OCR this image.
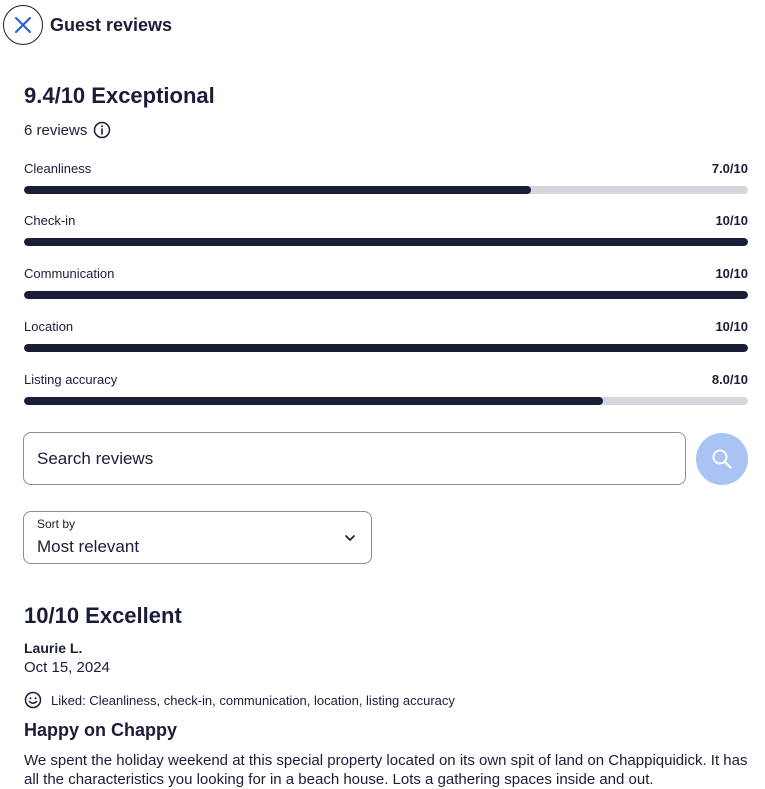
Guest reviews
9.4/10 Exceptional
6 reviews
Cleanliness	7.0/10
Check-in	10/10
Communication	10/10
Location	10/10
Listing accuracy	8.0/10
Search reviews
Sort by
Most relevant
10/10 Excellent
Laurie L.
Oct 15, 2024
Liked: Cleanliness, check-in, communication, location, listing accuracy
Happy on Chappy
We spent the holiday weekend at this special property located on its own spit of land on Chappiquidick. It has all the characteristics you looking for in a beach house. Lots a gathering spaces inside and out.
